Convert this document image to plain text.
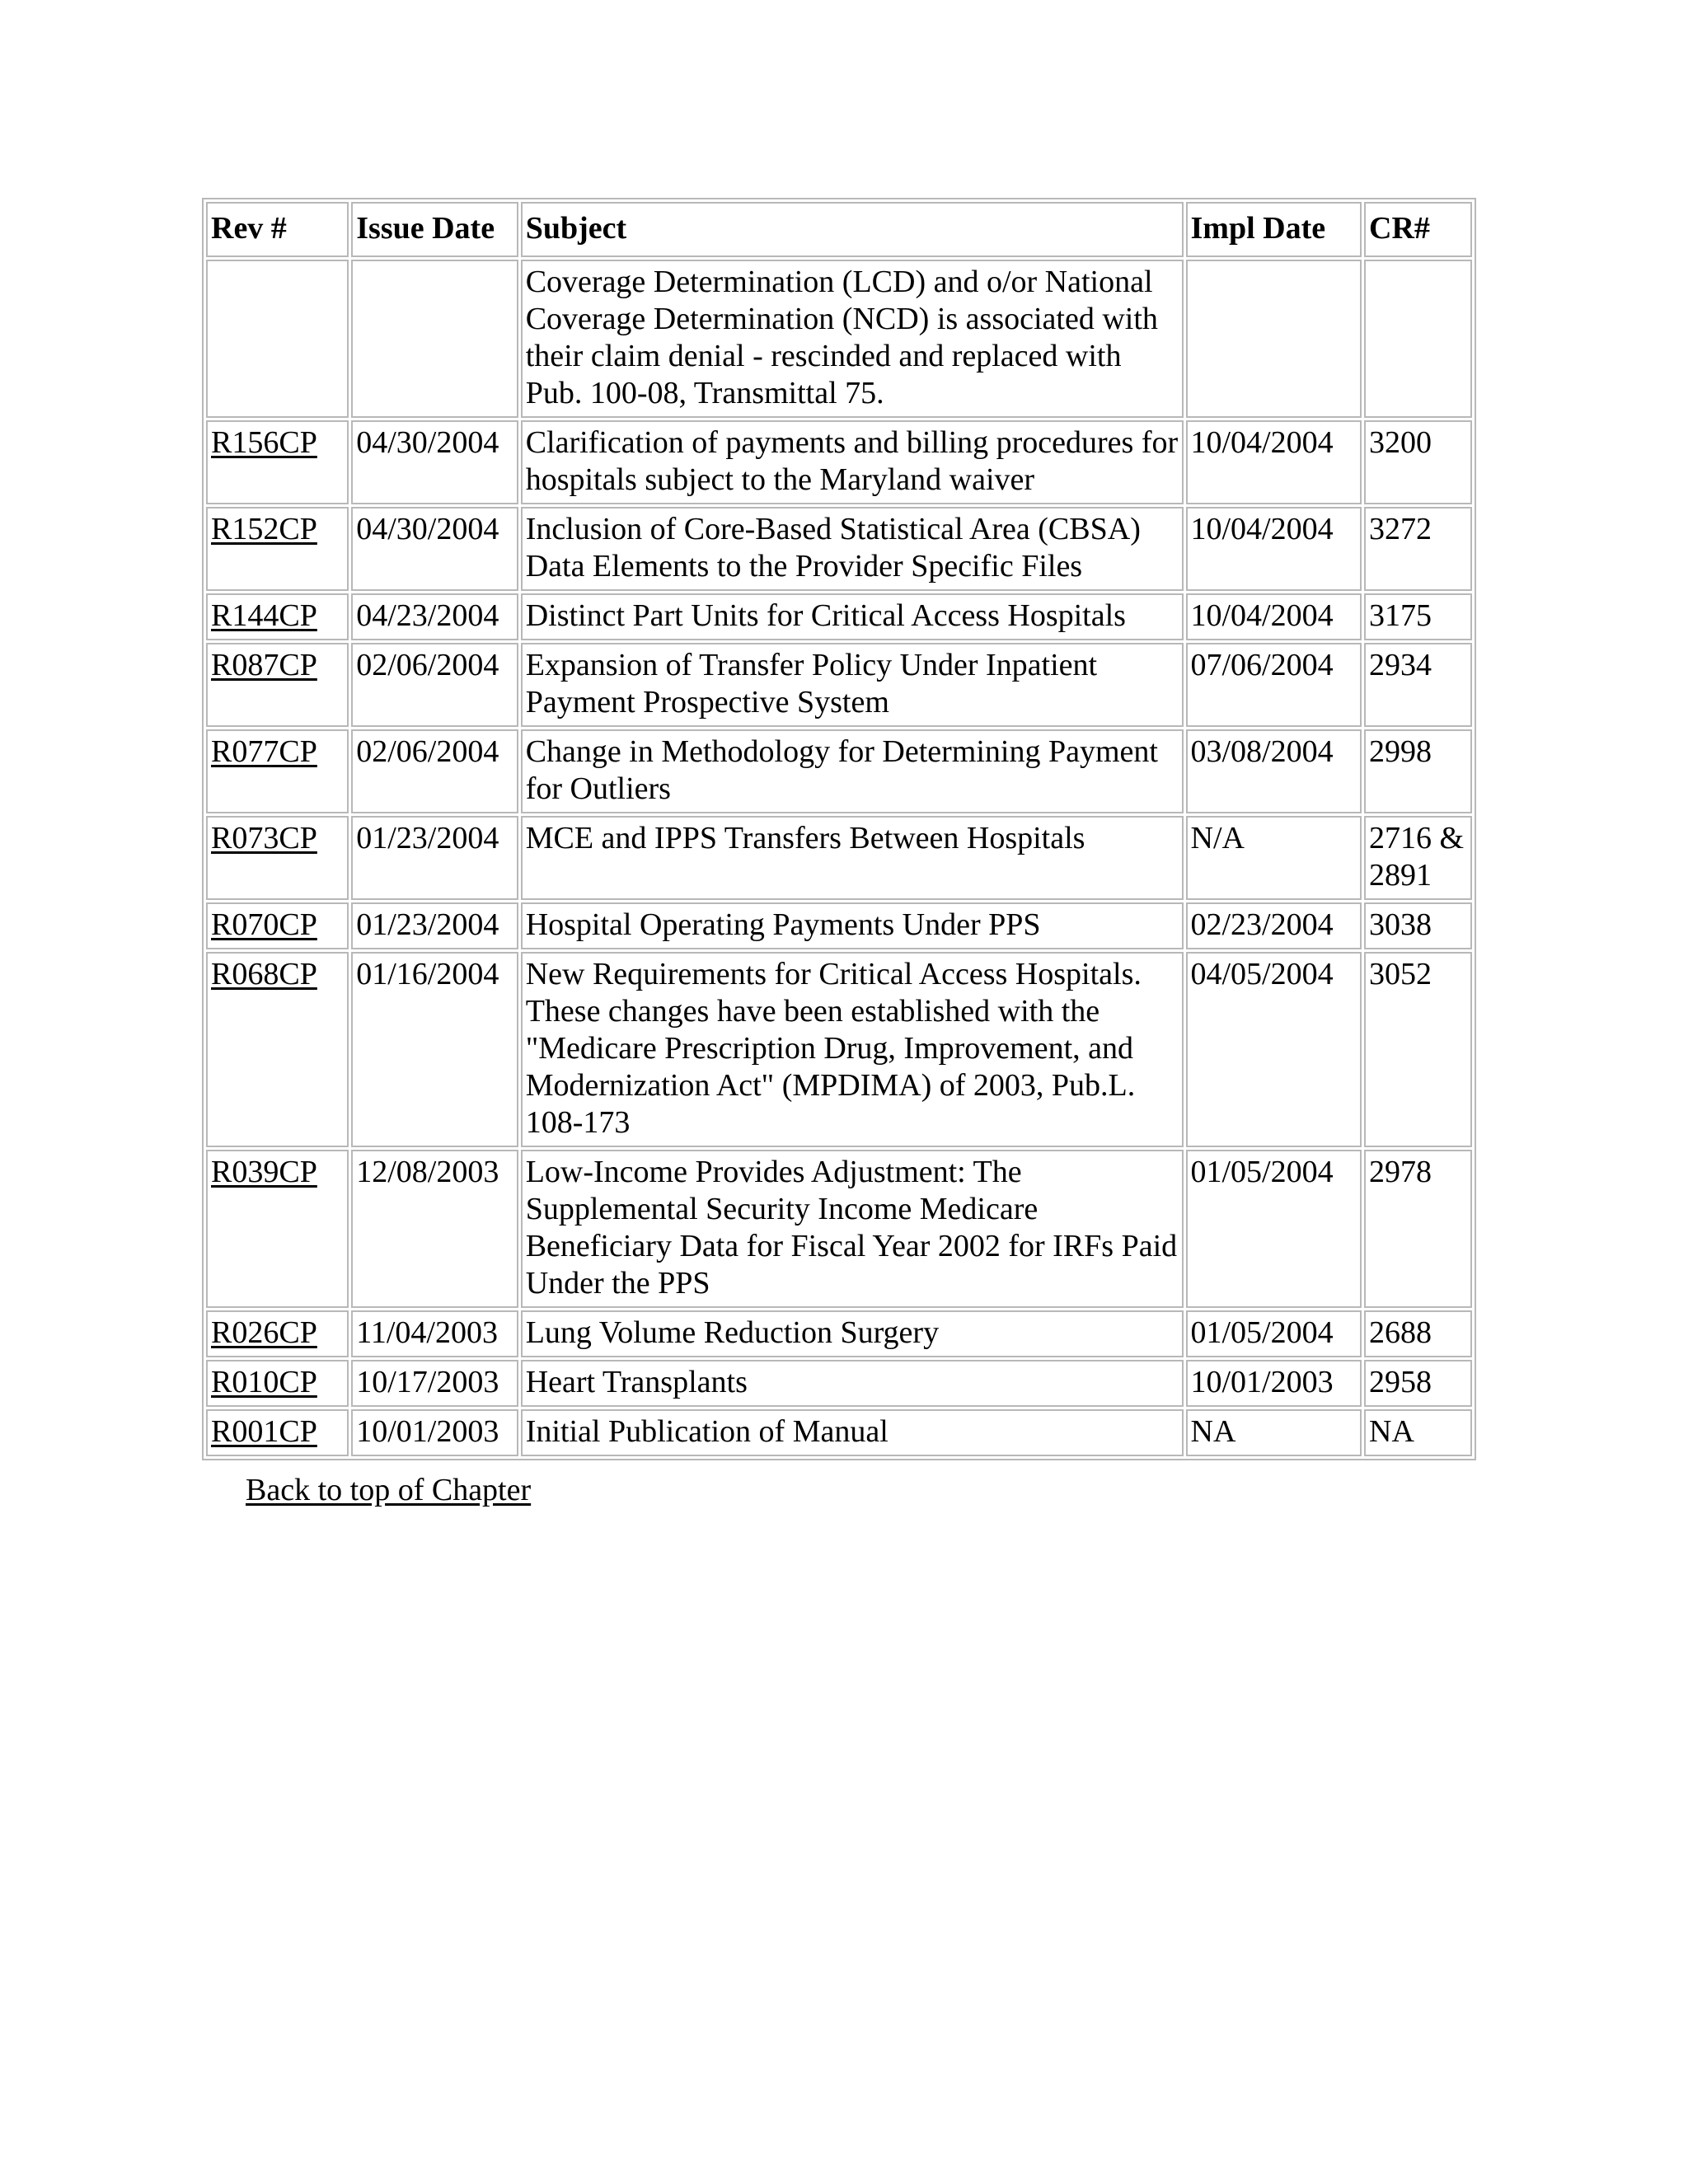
Rev #	Issue Date	Subject	Impl Date	CR#
		Coverage Determination (LCD) and o/or National Coverage Determination (NCD) is associated with their claim denial - rescinded and replaced with Pub. 100-08, Transmittal 75.		
R156CP	04/30/2004	Clarification of payments and billing procedures for hospitals subject to the Maryland waiver	10/04/2004	3200
R152CP	04/30/2004	Inclusion of Core-Based Statistical Area (CBSA) Data Elements to the Provider Specific Files	10/04/2004	3272
R144CP	04/23/2004	Distinct Part Units for Critical Access Hospitals	10/04/2004	3175
R087CP	02/06/2004	Expansion of Transfer Policy Under Inpatient Payment Prospective System	07/06/2004	2934
R077CP	02/06/2004	Change in Methodology for Determining Payment for Outliers	03/08/2004	2998
R073CP	01/23/2004	MCE and IPPS Transfers Between Hospitals	N/A	2716 & 2891
R070CP	01/23/2004	Hospital Operating Payments Under PPS	02/23/2004	3038
R068CP	01/16/2004	New Requirements for Critical Access Hospitals. These changes have been established with the "Medicare Prescription Drug, Improvement, and Modernization Act" (MPDIMA) of 2003, Pub.L. 108-173	04/05/2004	3052
R039CP	12/08/2003	Low-Income Provides Adjustment: The Supplemental Security Income Medicare Beneficiary Data for Fiscal Year 2002 for IRFs Paid Under the PPS	01/05/2004	2978
R026CP	11/04/2003	Lung Volume Reduction Surgery	01/05/2004	2688
R010CP	10/17/2003	Heart Transplants	10/01/2003	2958
R001CP	10/01/2003	Initial Publication of Manual	NA	NA
Back to top of Chapter
